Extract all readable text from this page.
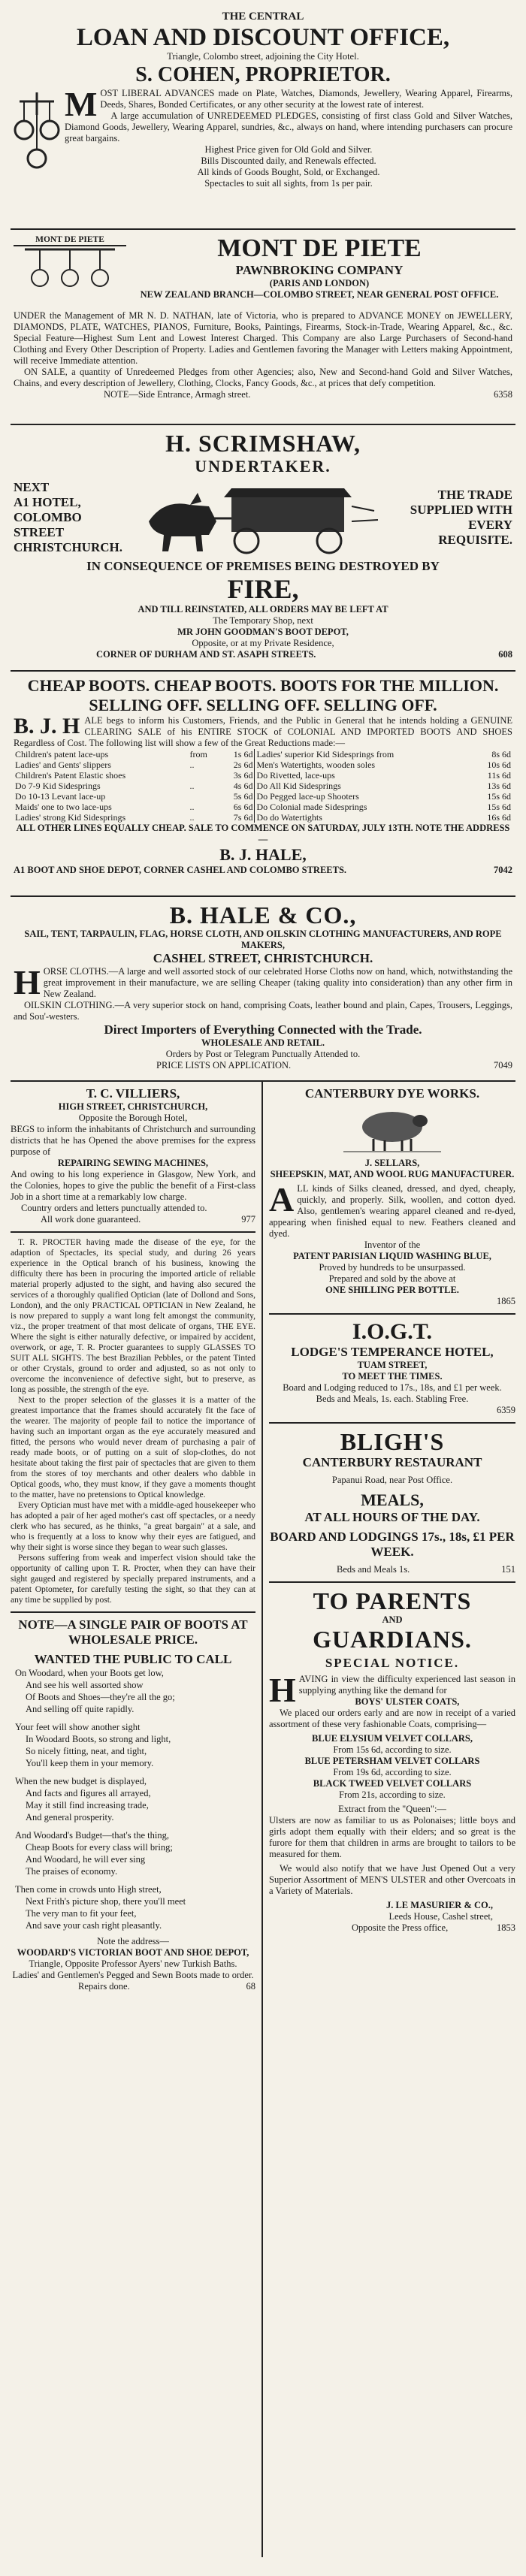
THE CENTRAL
LOAN AND DISCOUNT OFFICE,
Triangle, Colombo street, adjoining the City Hotel.
S. COHEN, PROPRIETOR.
M OST LIBERAL ADVANCES made on Plate, Watches, Diamonds, Jewellery, Wearing Apparel, Firearms, Deeds, Shares, Bonded Certificates, or any other security at the lowest rate of interest.
A large accumulation of UNREDEEMED PLEDGES, consisting of first class Gold and Silver Watches, Diamond Goods, Jewellery, Wearing Apparel, sundries, &c., always on hand, where intending purchasers can procure great bargains.
Highest Price given for Old Gold and Silver.
Bills Discounted daily, and Renewals effected.
All kinds of Goods Bought, Sold, or Exchanged.
Spectacles to suit all sights, from 1s per pair.
MONT DE PIETE	MONT DE PIETE
PAWNBROKING COMPANY
(PARIS AND LONDON)
NEW ZEALAND BRANCH—COLOMBO STREET, NEAR GENERAL POST OFFICE.
UNDER the Management of MR N. D. NATHAN, late of Victoria, who is prepared to ADVANCE MONEY on JEWELLERY, DIAMONDS, PLATE, WATCHES, PIANOS, Furniture, Books, Paintings, Firearms, Stock-in-Trade, Wearing Apparel, &c., &c. Special Feature—Highest Sum Lent and Lowest Interest Charged. This Company are also Large Purchasers of Second-hand Clothing and Every Other Description of Property. Ladies and Gentlemen favoring the Manager with Letters making Appointment, will receive Immediate attention.
ON SALE, a quantity of Unredeemed Pledges from other Agencies; also, New and Second-hand Gold and Silver Watches, Chains, and every description of Jewellery, Clothing, Clocks, Fancy Goods, &c., at prices that defy competition.
NOTE—Side Entrance, Armagh street.	6358
H. SCRIMSHAW,
UNDERTAKER.
NEXT
A1 HOTEL,
COLOMBO STREET
CHRISTCHURCH.
THE TRADE
SUPPLIED WITH
EVERY
REQUISITE.
IN CONSEQUENCE OF PREMISES BEING DESTROYED BY
FIRE,
AND TILL REINSTATED, ALL ORDERS MAY BE LEFT AT
The Temporary Shop, next
MR JOHN GOODMAN'S BOOT DEPOT,
Opposite, or at my Private Residence,
CORNER OF DURHAM AND ST. ASAPH STREETS.	608
CHEAP BOOTS. CHEAP BOOTS. BOOTS FOR THE MILLION.
SELLING OFF. SELLING OFF. SELLING OFF.
B. J. H ALE begs to inform his Customers, Friends, and the Public in General that he intends holding a GENUINE CLEARING SALE of his ENTIRE STOCK of COLONIAL AND IMPORTED BOOTS AND SHOES Regardless of Cost. The following list will show a few of the Great Reductions made:—
Children's patent lace-ups	from	1s 6d	Ladies' superior Kid Sidesprings from	8s 6d
Ladies' and Gents' slippers	..	2s 6d	Men's Watertights, wooden soles	10s 6d
Children's Patent Elastic shoes		3s 6d	Do Rivetted, lace-ups	11s 6d
Do 7-9 Kid Sidesprings	..	4s 6d	Do All Kid Sidesprings	13s 6d
Do 10-13 Levant lace-up		5s 6d	Do Pegged lace-up Shooters	15s 6d
Maids' one to two lace-ups	..	6s 6d	Do Colonial made Sidesprings	15s 6d
Ladies' strong Kid Sidesprings	..	7s 6d	Do do Watertights	16s 6d
ALL OTHER LINES EQUALLY CHEAP. SALE TO COMMENCE ON SATURDAY, JULY 13TH. NOTE THE ADDRESS—
B. J. HALE,
A1 BOOT AND SHOE DEPOT, CORNER CASHEL AND COLOMBO STREETS.	7042
B. HALE & CO.,
SAIL, TENT, TARPAULIN, FLAG, HORSE CLOTH, AND OILSKIN CLOTHING MANUFACTURERS, AND ROPE MAKERS,
CASHEL STREET, CHRISTCHURCH.
H ORSE CLOTHS.—A large and well assorted stock of our celebrated Horse Cloths now on hand, which, notwithstanding the great improvement in their manufacture, we are selling Cheaper (taking quality into consideration) than any other firm in New Zealand.
OILSKIN CLOTHING.—A very superior stock on hand, comprising Coats, leather bound and plain, Capes, Trousers, Leggings, and Sou'-westers.
Direct Importers of Everything Connected with the Trade.
WHOLESALE AND RETAIL.
Orders by Post or Telegram Punctually Attended to.
PRICE LISTS ON APPLICATION.	7049
T. C. VILLIERS,
HIGH STREET, CHRISTCHURCH,
Opposite the Borough Hotel,
BEGS to inform the inhabitants of Christchurch and surrounding districts that he has Opened the above premises for the express purpose of
REPAIRING SEWING MACHINES,
And owing to his long experience in Glasgow, New York, and the Colonies, hopes to give the public the benefit of a First-class Job in a short time at a remarkably low charge.
Country orders and letters punctually attended to.
All work done guaranteed.	977
T. R. PROCTER having made the disease of the eye, for the adaption of Spectacles, its special study, and during 26 years experience in the Optical branch of his business, knowing the difficulty there has been in procuring the imported article of reliable material properly adjusted to the sight, and having also secured the services of a thoroughly qualified Optician (late of Dollond and Sons, London), and the only PRACTICAL OPTICIAN in New Zealand, he is now prepared to supply a want long felt amongst the community, viz., the proper treatment of that most delicate of organs, THE EYE. Where the sight is either naturally defective, or impaired by accident, overwork, or age, T. R. Procter guarantees to supply GLASSES TO SUIT ALL SIGHTS. The best Brazilian Pebbles, or the patent Tinted or other Crystals, ground to order and adjusted, so as not only to overcome the inconvenience of defective sight, but to preserve, as long as possible, the strength of the eye.
Next to the proper selection of the glasses it is a matter of the greatest importance that the frames should accurately fit the face of the wearer. The majority of people fail to notice the importance of having such an important organ as the eye accurately measured and fitted, the persons who would never dream of purchasing a pair of ready made boots, or of putting on a suit of slop-clothes, do not hesitate about taking the first pair of spectacles that are given to them from the stores of toy merchants and other dealers who dabble in Optical goods, who, they must know, if they gave a moments thought to the matter, have no pretensions to Optical knowledge.
Every Optician must have met with a middle-aged housekeeper who has adopted a pair of her aged mother's cast off spectacles, or a needy clerk who has secured, as he thinks, "a great bargain" at a sale, and who is frequently at a loss to know why their eyes are fatigued, and why their sight is worse since they began to wear such glasses.
Persons suffering from weak and imperfect vision should take the opportunity of calling upon T. R. Procter, when they can have their sight gauged and registered by specially prepared instruments, and a patent Optometer, for carefully testing the sight, so that they can at any time be supplied by post.
NOTE—A SINGLE PAIR OF BOOTS AT WHOLESALE PRICE.
WANTED THE PUBLIC TO CALL
On Woodard, when your Boots get low,
And see his well assorted show
Of Boots and Shoes—they're all the go;
And selling off quite rapidly.
Your feet will show another sight
In Woodard Boots, so strong and light,
So nicely fitting, neat, and tight,
You'll keep them in your memory.
When the new budget is displayed,
And facts and figures all arrayed,
May it still find increasing trade,
And general prosperity.
And Woodard's Budget—that's the thing,
Cheap Boots for every class will bring;
And Woodard, he will ever sing
The praises of economy.
Then come in crowds unto High street,
Next Frith's picture shop, there you'll meet
The very man to fit your feet,
And save your cash right pleasantly.
Note the address—
WOODARD'S VICTORIAN BOOT AND SHOE DEPOT,
Triangle, Opposite Professor Ayers' new Turkish Baths.
Ladies' and Gentlemen's Pegged and Sewn Boots made to order.
Repairs done.	68
CANTERBURY DYE WORKS.
J. SELLARS,
SHEEPSKIN, MAT, AND WOOL RUG MANUFACTURER.
A LL kinds of Silks cleaned, dressed, and dyed, cheaply, quickly, and properly. Silk, woollen, and cotton dyed. Also, gentlemen's wearing apparel cleaned and re-dyed, appearing when finished equal to new. Feathers cleaned and dyed.
Inventor of the
PATENT PARISIAN LIQUID WASHING BLUE,
Proved by hundreds to be unsurpassed.
Prepared and sold by the above at
ONE SHILLING PER BOTTLE.
1865
I.O.G.T.
LODGE'S TEMPERANCE HOTEL,
TUAM STREET,
TO MEET THE TIMES.
Board and Lodging reduced to 17s., 18s, and £1 per week.
Beds and Meals, 1s. each. Stabling Free.
6359
BLIGH'S
CANTERBURY RESTAURANT
Papanui Road, near Post Office.
MEALS,
AT ALL HOURS OF THE DAY.
BOARD AND LODGINGS 17s., 18s, £1 PER WEEK.
Beds and Meals 1s.	151
TO PARENTS
AND
GUARDIANS.
SPECIAL NOTICE.
H AVING in view the difficulty experienced last season in supplying anything like the demand for
BOYS' ULSTER COATS,
We placed our orders early and are now in receipt of a varied assortment of these very fashionable Coats, comprising—
BLUE ELYSIUM VELVET COLLARS,
From 15s 6d, according to size.
BLUE PETERSHAM VELVET COLLARS
From 19s 6d, according to size.
BLACK TWEED VELVET COLLARS
From 21s, according to size.
Extract from the "Queen":—
Ulsters are now as familiar to us as Polonaises; little boys and girls adopt them equally with their elders; and so great is the furore for them that children in arms are brought to tailors to be measured for them.
We would also notify that we have Just Opened Out a very Superior Assortment of MEN'S ULSTER and other Overcoats in a Variety of Materials.
J. LE MASURIER & CO.,
Leeds House, Cashel street,
Opposite the Press office,	1853
